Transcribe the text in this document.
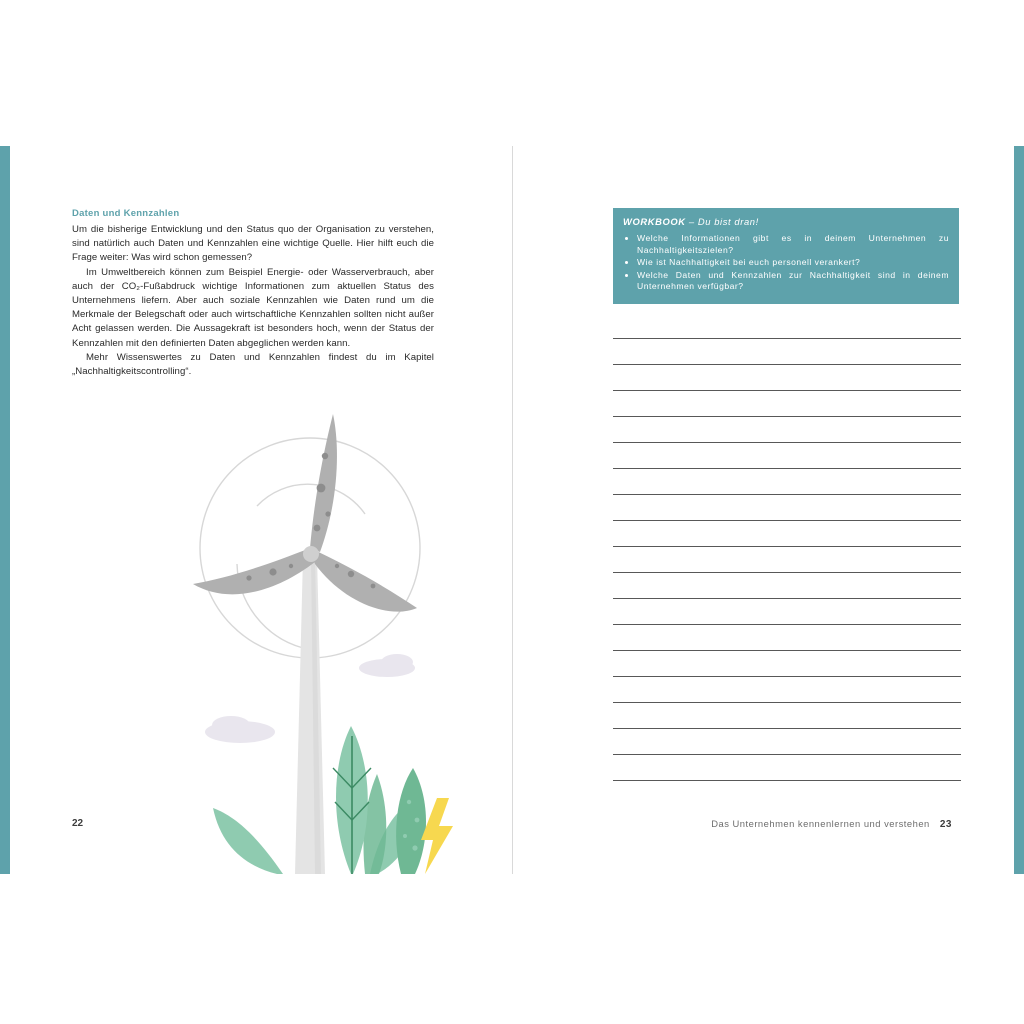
Daten und Kennzahlen

Um die bisherige Entwicklung und den Status quo der Organisation zu verstehen, sind natürlich auch Daten und Kennzahlen eine wichtige Quelle. Hier hilft euch die Frage weiter: Was wird schon gemessen?

Im Umweltbereich können zum Beispiel Energie- oder Wasserverbrauch, aber auch der CO₂-Fußabdruck wichtige Informationen zum aktuellen Status des Unternehmens liefern. Aber auch soziale Kennzahlen wie Daten rund um die Merkmale der Belegschaft oder auch wirtschaftliche Kennzahlen sollten nicht außer Acht gelassen werden. Die Aussagekraft ist besonders hoch, wenn der Status der Kennzahlen mit den definierten Daten abgeglichen werden kann.

Mehr Wissenswertes zu Daten und Kennzahlen findest du im Kapitel „Nachhaltigkeitscontrolling“.

22
WORKBOOK – Du bist dran!
• Welche Informationen gibt es in deinem Unternehmen zu Nachhaltigkeitszielen?
• Wie ist Nachhaltigkeit bei euch personell verankert?
• Welche Daten und Kennzahlen zur Nachhaltigkeit sind in deinem Unternehmen verfügbar?
Das Unternehmen kennenlernen und verstehen 23
